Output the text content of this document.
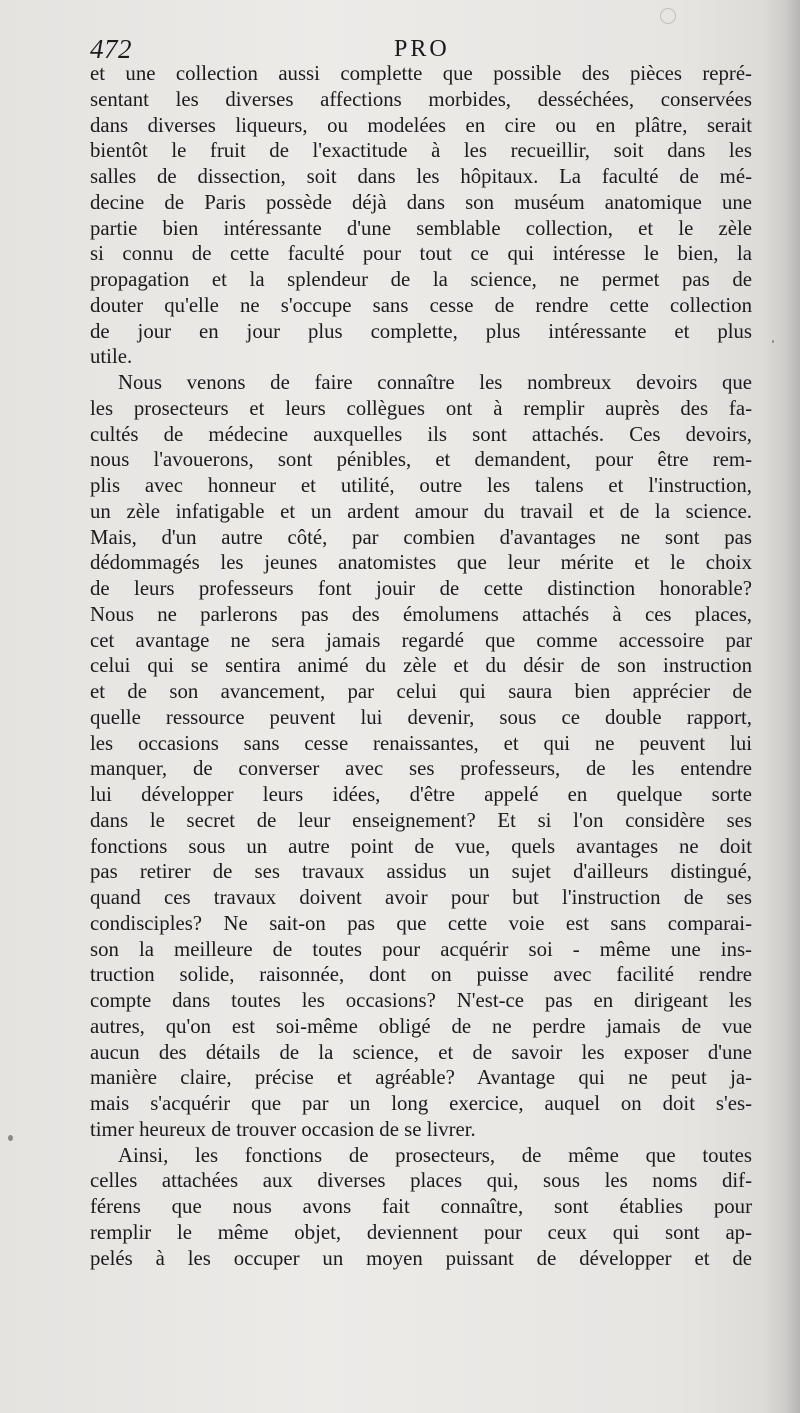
472	PRO
et une collection aussi complette que possible des pièces repré-
sentant les diverses affections morbides, desséchées, conservées
dans diverses liqueurs, ou modelées en cire ou en plâtre, serait
bientôt le fruit de l'exactitude à les recueillir, soit dans les
salles de dissection, soit dans les hôpitaux. La faculté de mé-
decine de Paris possède déjà dans son muséum anatomique une
partie bien intéressante d'une semblable collection, et le zèle
si connu de cette faculté pour tout ce qui intéresse le bien, la
propagation et la splendeur de la science, ne permet pas de
douter qu'elle ne s'occupe sans cesse de rendre cette collection
de jour en jour plus complette, plus intéressante et plus
utile.
Nous venons de faire connaître les nombreux devoirs que
les prosecteurs et leurs collègues ont à remplir auprès des fa-
cultés de médecine auxquelles ils sont attachés. Ces devoirs,
nous l'avouerons, sont pénibles, et demandent, pour être rem-
plis avec honneur et utilité, outre les talens et l'instruction,
un zèle infatigable et un ardent amour du travail et de la science.
Mais, d'un autre côté, par combien d'avantages ne sont pas
dédommagés les jeunes anatomistes que leur mérite et le choix
de leurs professeurs font jouir de cette distinction honorable?
Nous ne parlerons pas des émolumens attachés à ces places,
cet avantage ne sera jamais regardé que comme accessoire par
celui qui se sentira animé du zèle et du désir de son instruction
et de son avancement, par celui qui saura bien apprécier de
quelle ressource peuvent lui devenir, sous ce double rapport,
les occasions sans cesse renaissantes, et qui ne peuvent lui
manquer, de converser avec ses professeurs, de les entendre
lui développer leurs idées, d'être appelé en quelque sorte
dans le secret de leur enseignement? Et si l'on considère ses
fonctions sous un autre point de vue, quels avantages ne doit
pas retirer de ses travaux assidus un sujet d'ailleurs distingué,
quand ces travaux doivent avoir pour but l'instruction de ses
condisciples? Ne sait-on pas que cette voie est sans comparai-
son la meilleure de toutes pour acquérir soi - même une ins-
truction solide, raisonnée, dont on puisse avec facilité rendre
compte dans toutes les occasions? N'est-ce pas en dirigeant les
autres, qu'on est soi-même obligé de ne perdre jamais de vue
aucun des détails de la science, et de savoir les exposer d'une
manière claire, précise et agréable? Avantage qui ne peut ja-
mais s'acquérir que par un long exercice, auquel on doit s'es-
timer heureux de trouver occasion de se livrer.
Ainsi, les fonctions de prosecteurs, de même que toutes
celles attachées aux diverses places qui, sous les noms dif-
férens que nous avons fait connaître, sont établies pour
remplir le même objet, deviennent pour ceux qui sont ap-
pelés à les occuper un moyen puissant de développer et de
